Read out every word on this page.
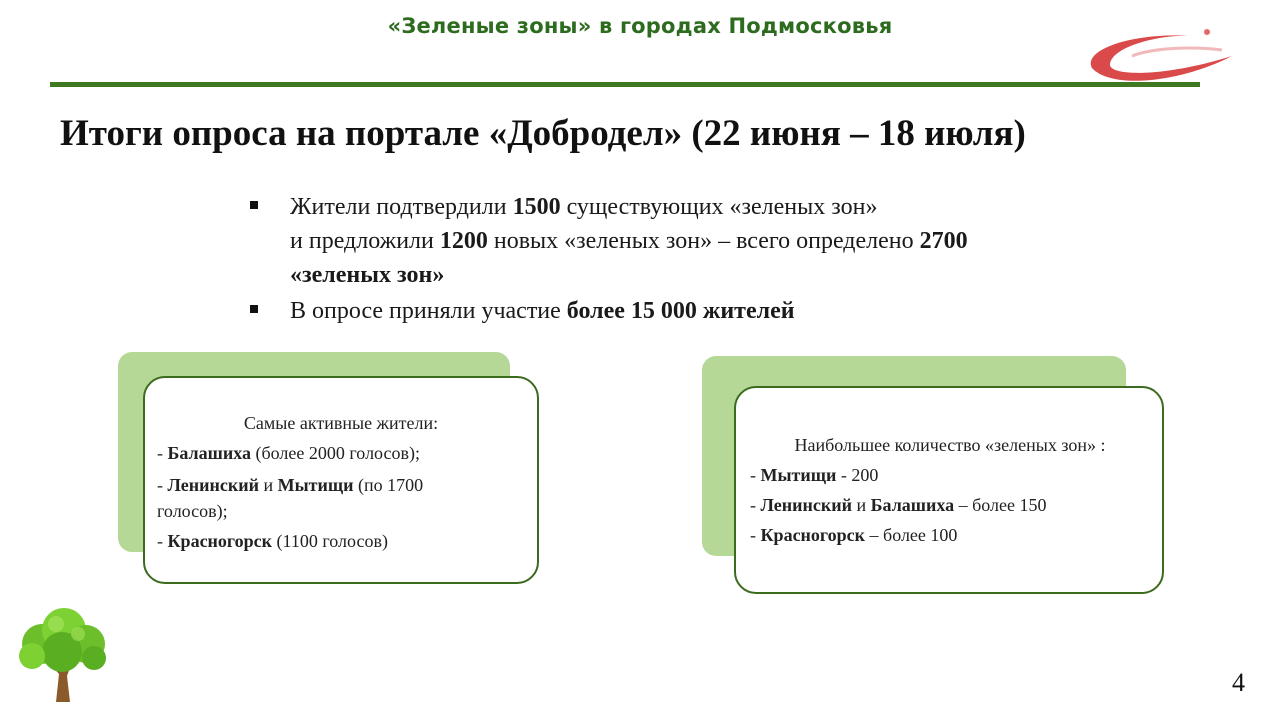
«Зеленые зоны» в городах Подмосковья
Итоги опроса на портале «Добродел» (22 июня – 18 июля)
Жители подтвердили 1500 существующих «зеленых зон»
и предложили 1200 новых «зеленых зон» – всего определено 2700
«зеленых зон»
В опросе приняли участие более 15 000 жителей
Самые активные жители:
- Балашиха (более 2000 голосов);
- Ленинский и Мытищи (по 1700
голосов);
- Красногорск (1100 голосов)
Наибольшее количество «зеленых зон» :
- Мытищи - 200
- Ленинский и Балашиха – более 150
- Красногорск – более 100
4
